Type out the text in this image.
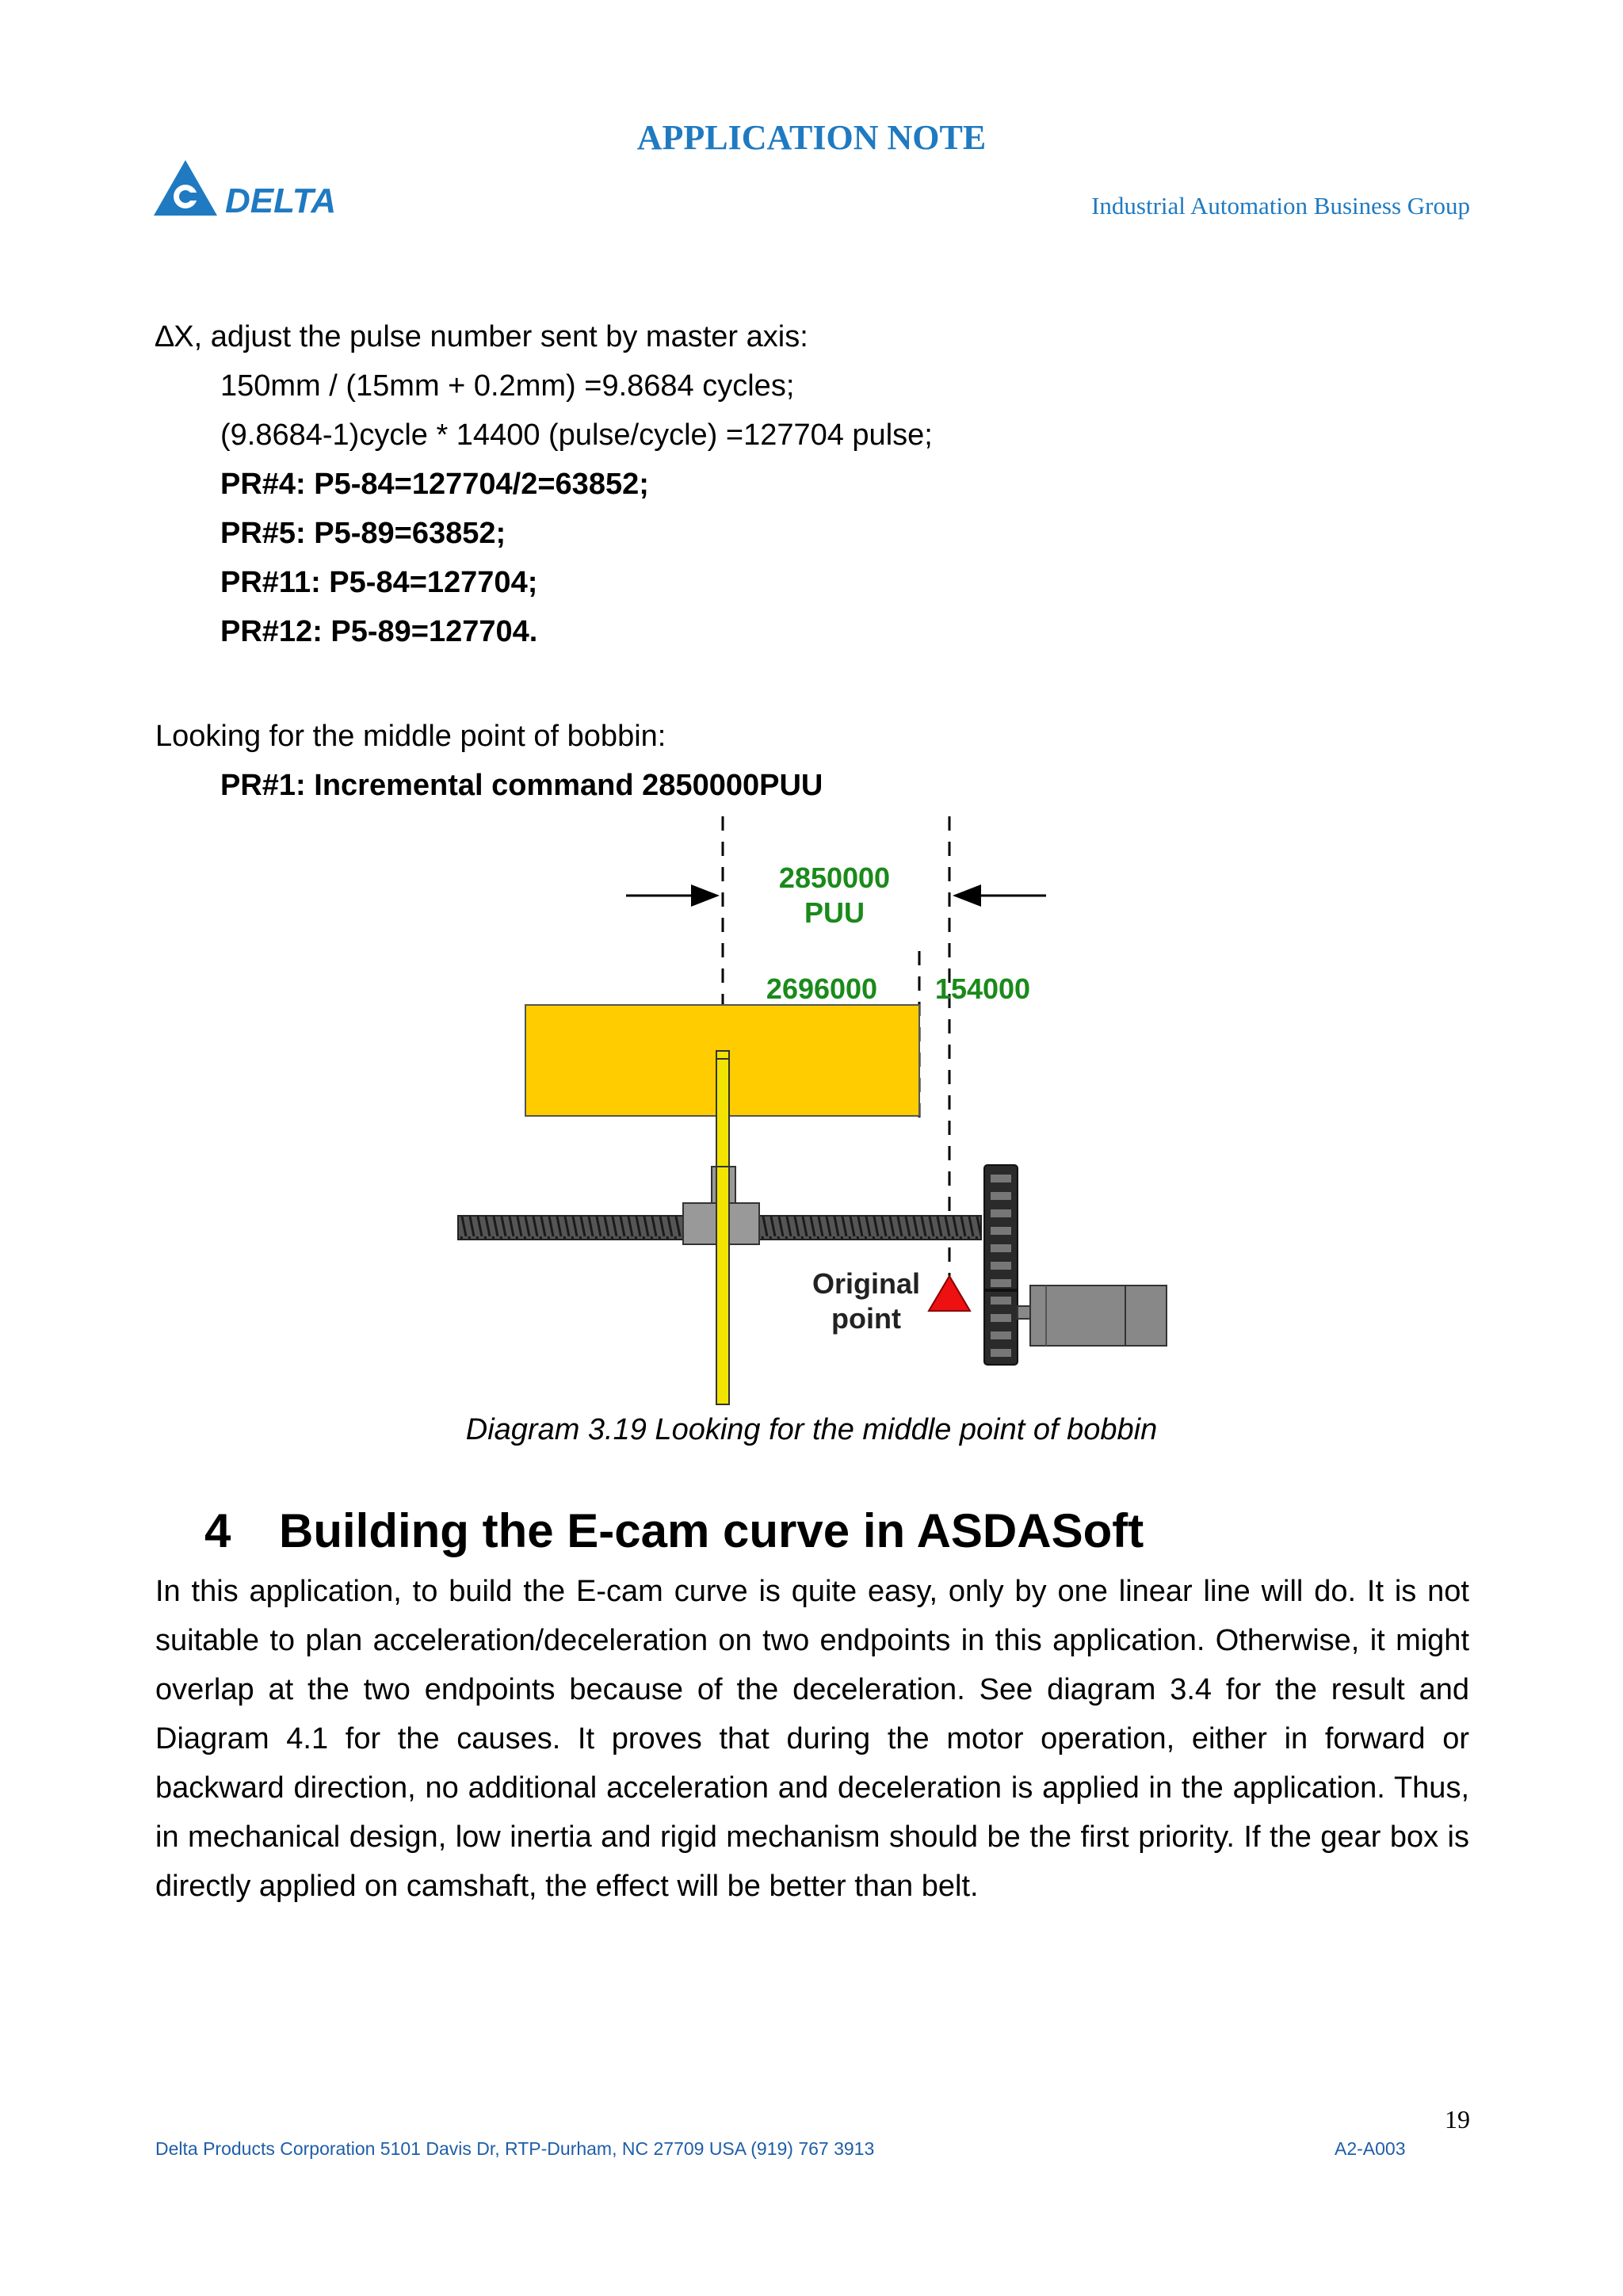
APPLICATION NOTE
DELTA	Industrial Automation Business Group
∆X, adjust the pulse number sent by master axis:
150mm / (15mm + 0.2mm) =9.8684 cycles;
(9.8684-1)cycle * 14400 (pulse/cycle) =127704 pulse;
PR#4: P5-84=127704/2=63852;
PR#5: P5-89=63852;
PR#11: P5-84=127704;
PR#12: P5-89=127704.
Looking for the middle point of bobbin:
PR#1: Incremental command 2850000PUU
2850000
PUU
2696000 154000
Original
point
Diagram 3.19 Looking for the middle point of bobbin
4 Building the E-cam curve in ASDASoft
In this application, to build the E-cam curve is quite easy, only by one linear line will do. It is not suitable to plan acceleration/deceleration on two endpoints in this application. Otherwise, it might overlap at the two endpoints because of the deceleration. See diagram 3.4 for the result and Diagram 4.1 for the causes. It proves that during the motor operation, either in forward or backward direction, no additional acceleration and deceleration is applied in the application. Thus, in mechanical design, low inertia and rigid mechanism should be the first priority. If the gear box is directly applied on camshaft, the effect will be better than belt.
19
Delta Products Corporation 5101 Davis Dr, RTP-Durham, NC 27709 USA (919) 767 3913	A2-A003
